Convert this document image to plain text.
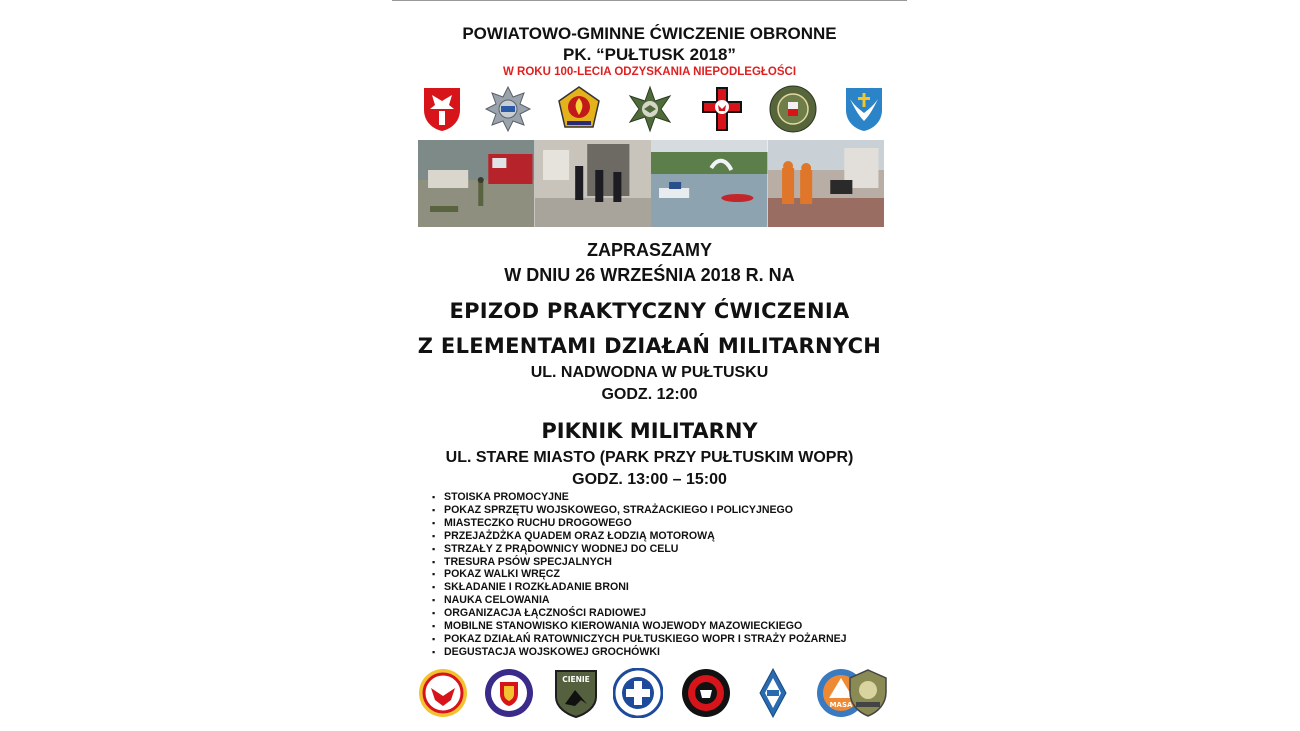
POWIATOWO-GMINNE ĆWICZENIE OBRONNE
PK. “PUŁTUSK 2018”
W ROKU 100-LECIA ODZYSKANIA NIEPODLEGŁOŚCI
ZAPRASZAMY
W DNIU 26 WRZEŚNIA 2018 R. NA
EPIZOD PRAKTYCZNY ĆWICZENIA
Z ELEMENTAMI DZIAŁAŃ MILITARNYCH
UL. NADWODNA W PUŁTUSKU
GODZ. 12:00
PIKNIK MILITARNY
UL. STARE MIASTO (PARK PRZY PUŁTUSKIM WOPR)
GODZ. 13:00 – 15:00
▪ STOISKA PROMOCYJNE
▪ POKAZ SPRZĘTU WOJSKOWEGO, STRAŻACKIEGO I POLICYJNEGO
▪ MIASTECZKO RUCHU DROGOWEGO
▪ PRZEJAŻDŻKA QUADEM ORAZ ŁODZIĄ MOTOROWĄ
▪ STRZAŁY Z PRĄDOWNICY WODNEJ DO CELU
▪ TRESURA PSÓW SPECJALNYCH
▪ POKAZ WALKI WRĘCZ
▪ SKŁADANIE I ROZKŁADANIE BRONI
▪ NAUKA CELOWANIA
▪ ORGANIZACJA ŁĄCZNOŚCI RADIOWEJ
▪ MOBILNE STANOWISKO KIEROWANIA WOJEWODY MAZOWIECKIEGO
▪ POKAZ DZIAŁAŃ RATOWNICZYCH PUŁTUSKIEGO WOPR I STRAŻY POŻARNEJ
▪ DEGUSTACJA WOJSKOWEJ GROCHÓWKI
CIENIE
MASA
